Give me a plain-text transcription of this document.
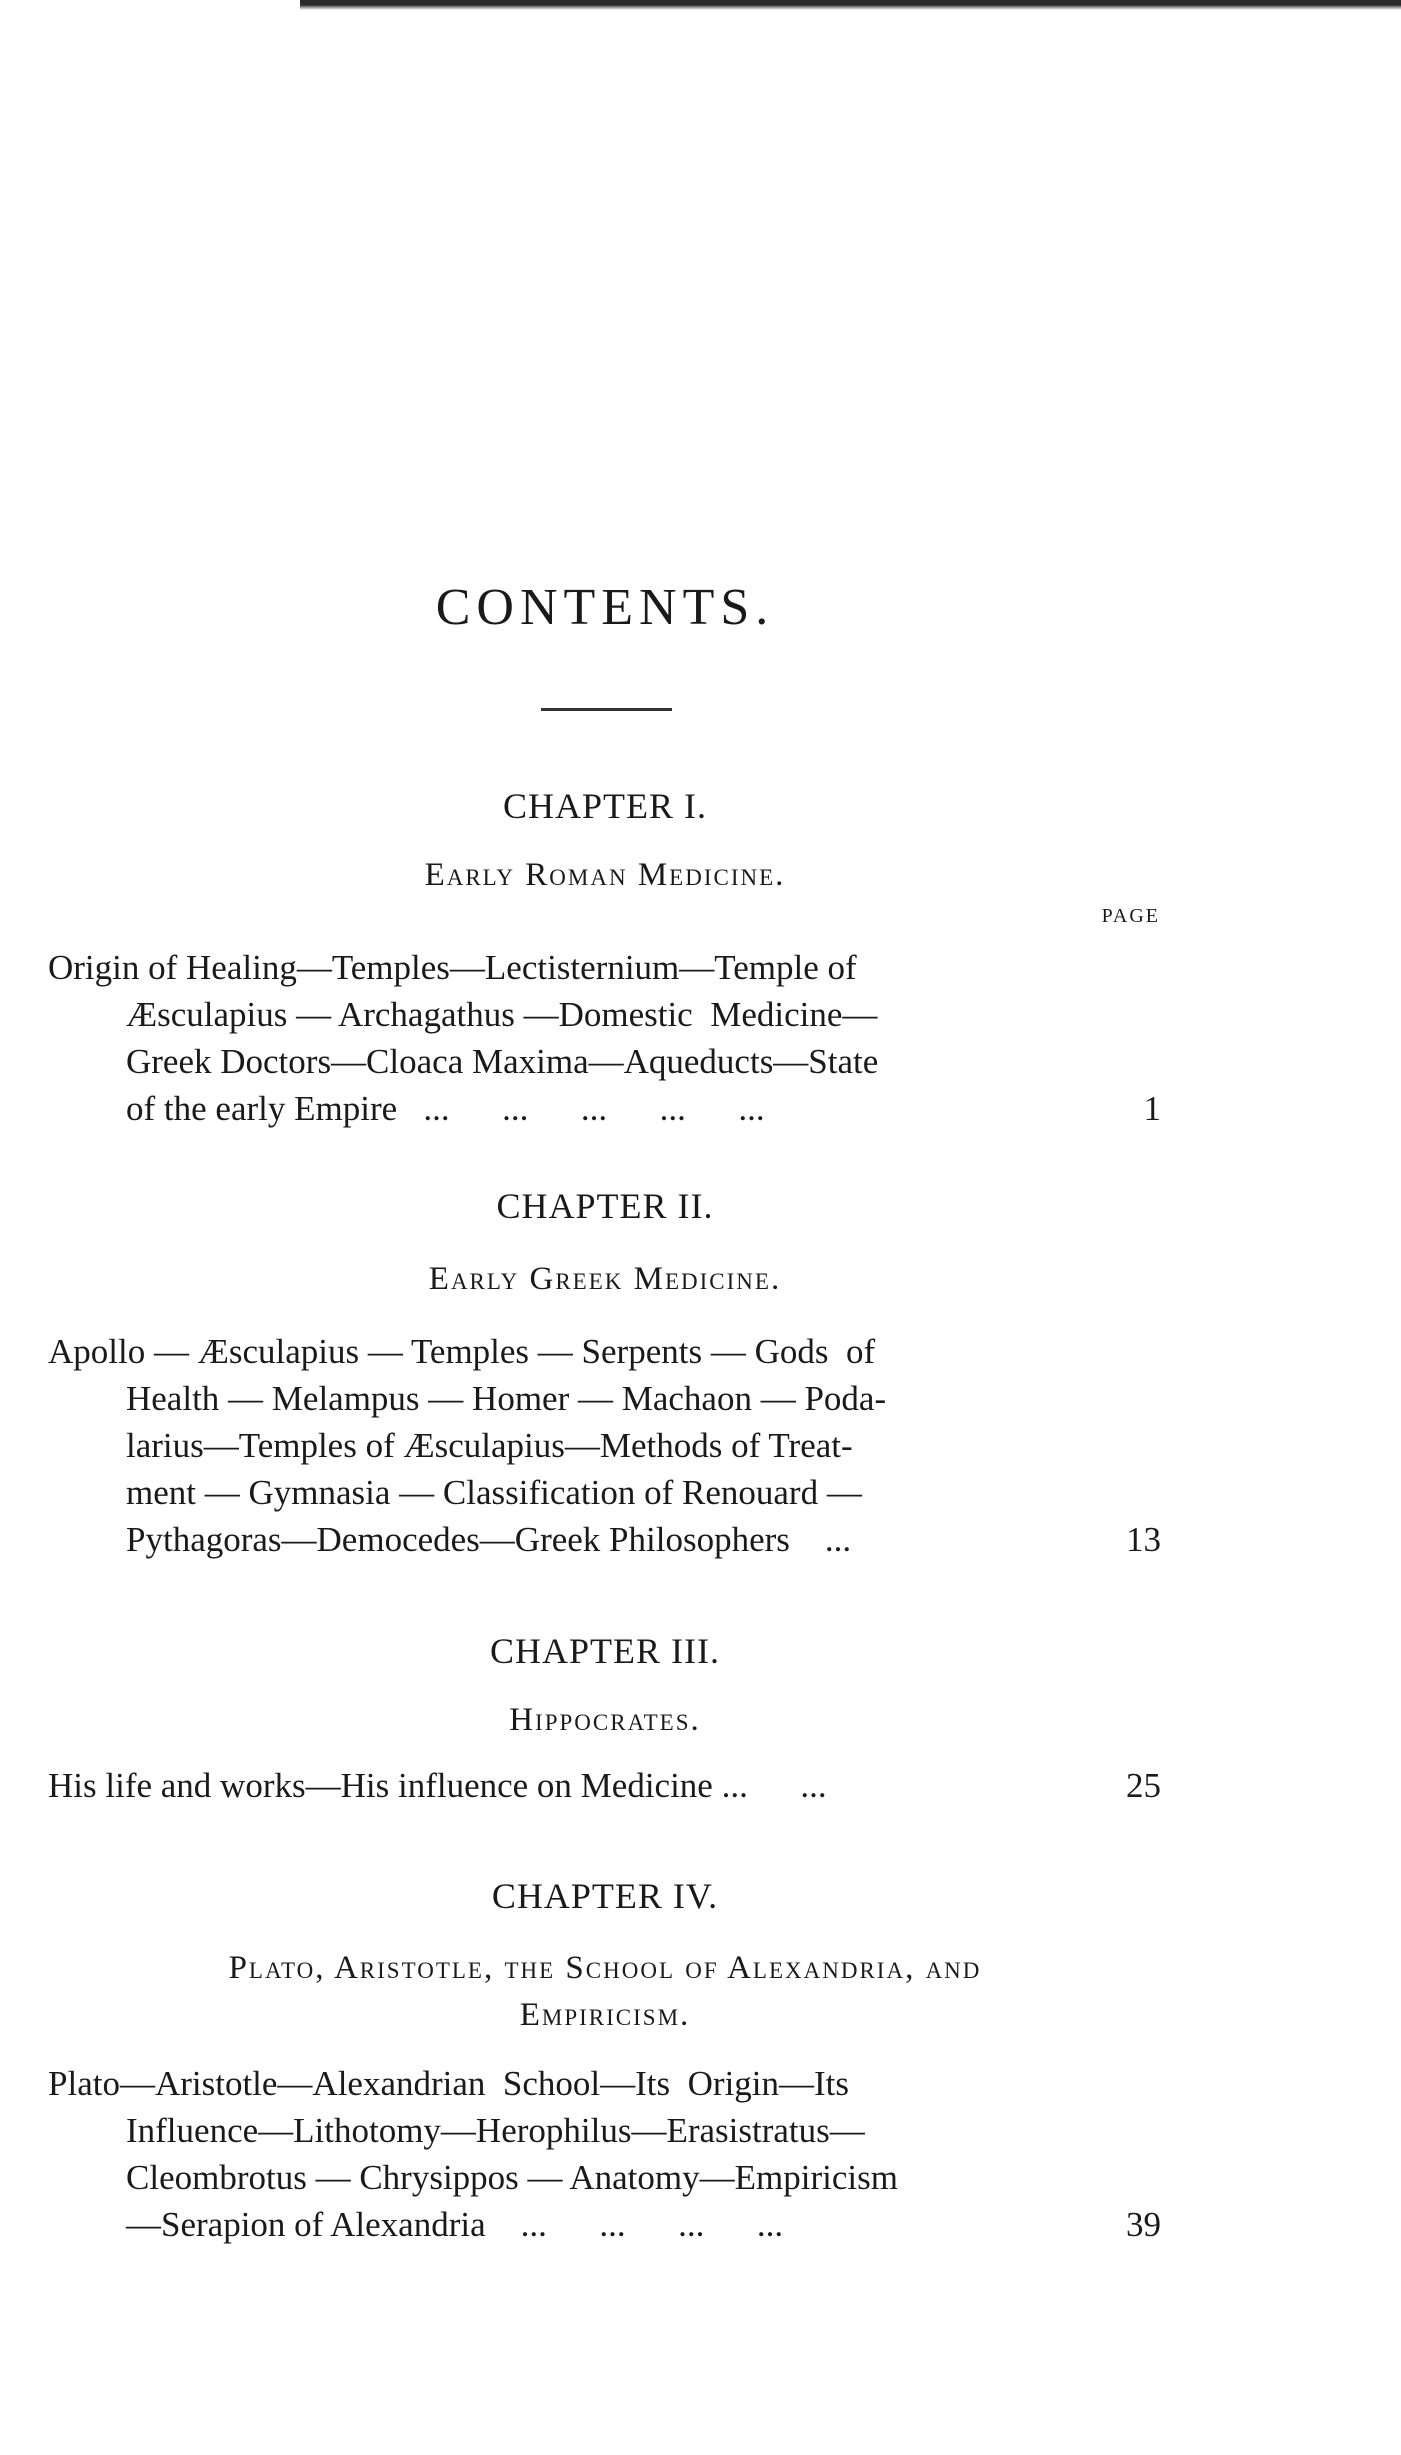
CONTENTS.
CHAPTER I.
Early Roman Medicine.
PAGE
Origin of Healing—Temples—Lectisternium—Temple of
Æsculapius — Archagathus —Domestic  Medicine—
Greek Doctors—Cloaca Maxima—Aqueducts—State
of the early Empire   ...      ...      ...      ...      ...	1
CHAPTER II.
Early Greek Medicine.
Apollo — Æsculapius — Temples — Serpents — Gods  of
Health — Melampus — Homer — Machaon — Poda-
larius—Temples of Æsculapius—Methods of Treat-
ment — Gymnasia — Classification of Renouard —
Pythagoras—Democedes—Greek Philosophers    ...	13
CHAPTER III.
Hippocrates.
His life and works—His influence on Medicine ...      ...	25
CHAPTER IV.
Plato, Aristotle, the School of Alexandria, and
Empiricism.
Plato—Aristotle—Alexandrian  School—Its  Origin—Its
Influence—Lithotomy—Herophilus—Erasistratus—
Cleombrotus — Chrysippos — Anatomy—Empiricism
—Serapion of Alexandria    ...      ...      ...      ...	39
